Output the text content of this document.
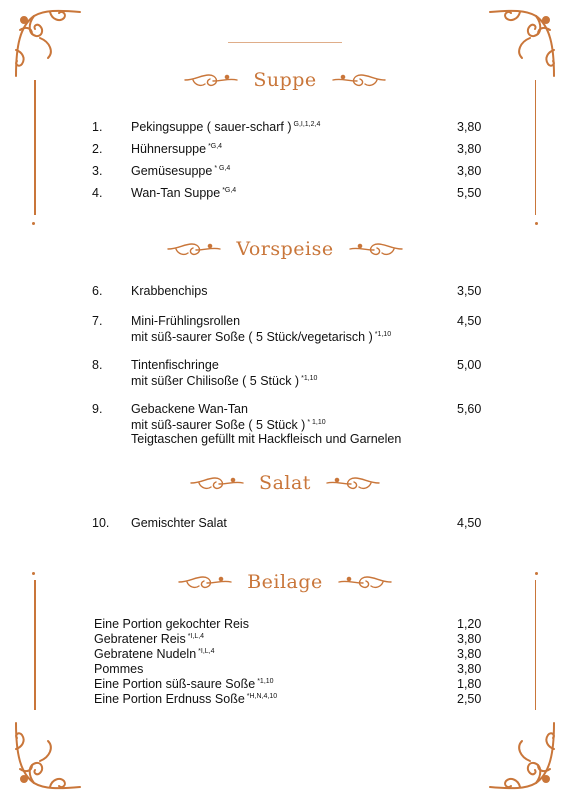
Suppe
1. Pekingsuppe ( sauer-scharf ) $^{G,I,1,2,4}$	3,80
2. Hühnersuppe $^{*G,4}$	3,80
3. Gemüsesuppe $^{* G,4}$	3,80
4. Wan-Tan Suppe $^{*G,4}$	5,50
Vorspeise
6. Krabbenchips	3,50
7. Mini-Frühlingsrollen	4,50
mit süß-saurer Soße ( 5 Stück/vegetarisch ) $^{*1,10}$
8. Tintenfischringe	5,00
mit süßer Chilisoße ( 5 Stück ) $^{*1,10}$
9. Gebackene Wan-Tan	5,60
mit süß-saurer Soße ( 5 Stück ) $^{* 1,10}$
Teigtaschen gefüllt mit Hackfleisch und Garnelen
Salat
10. Gemischter Salat	4,50
Beilage
Eine Portion gekochter Reis	1,20
Gebratener Reis $^{*I,L,4}$	3,80
Gebratene Nudeln $^{*I,L,4}$	3,80
Pommes	3,80
Eine Portion süß-saure Soße $^{*1,10}$	1,80
Eine Portion Erdnuss Soße $^{*H,N,4,10}$	2,50
